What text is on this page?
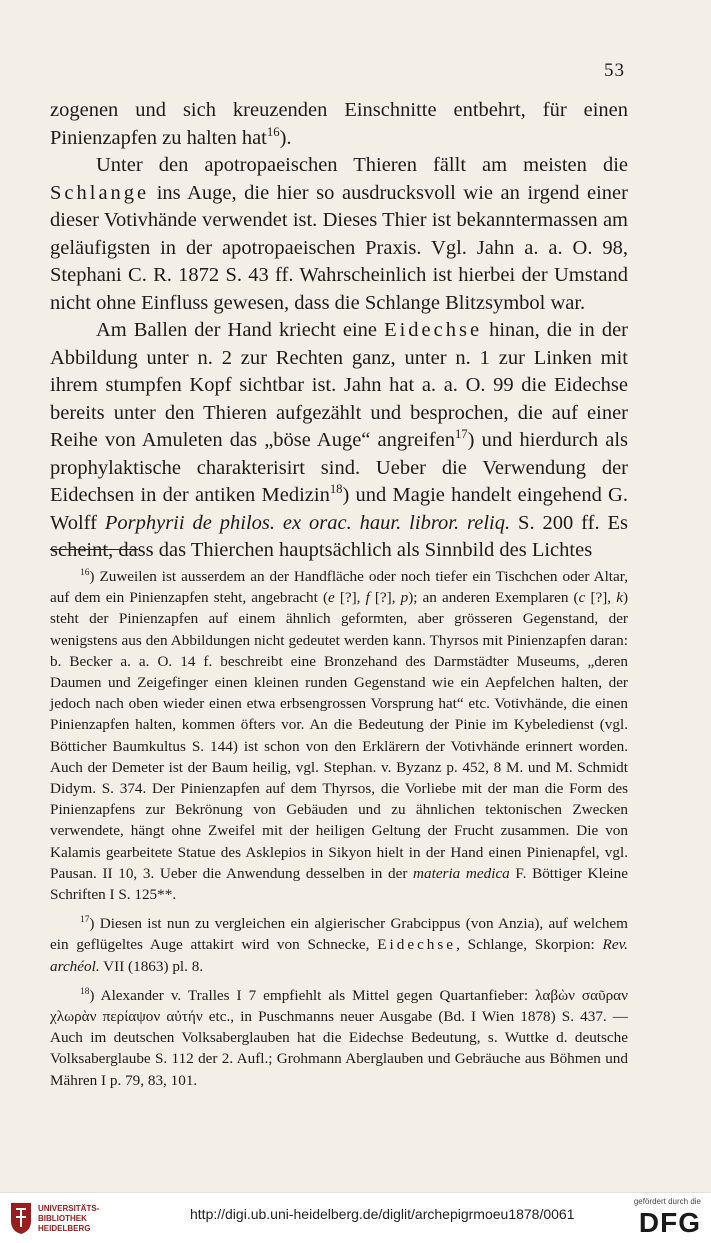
53

zogenen und sich kreuzenden Einschnitte entbehrt, für einen Pinienzapfen zu halten hat$^{16}$).

Unter den apotropaeischen Thieren fällt am meisten die Schlange ins Auge, die hier so ausdrucksvoll wie an irgend einer dieser Votivhände verwendet ist. Dieses Thier ist bekanntermassen am geläufigsten in der apotropaeischen Praxis. Vgl. Jahn a. a. O. 98, Stephani C. R. 1872 S. 43 ff. Wahrscheinlich ist hierbei der Umstand nicht ohne Einfluss gewesen, dass die Schlange Blitzsymbol war.

Am Ballen der Hand kriecht eine Eidechse hinan, die in der Abbildung unter n. 2 zur Rechten ganz, unter n. 1 zur Linken mit ihrem stumpfen Kopf sichtbar ist. Jahn hat a. a. O. 99 die Eidechse bereits unter den Thieren aufgezählt und besprochen, die auf einer Reihe von Amuleten das „böse Auge“ angreifen$^{17}$) und hierdurch als prophylaktische charakterisirt sind. Ueber die Verwendung der Eidechsen in der antiken Medizin$^{18}$) und Magie handelt eingehend G. Wolff Porphyrii de philos. ex orac. haur. libror. reliq. S. 200 ff. Es scheint, dass das Thierchen hauptsächlich als Sinnbild des Lichtes

$^{16}$) Zuweilen ist ausserdem an der Handfläche oder noch tiefer ein Tischchen oder Altar, auf dem ein Pinienzapfen steht, angebracht (e [?], f [?], p); an anderen Exemplaren (c [?], k) steht der Pinienzapfen auf einem ähnlich geformten, aber grösseren Gegenstand, der wenigstens aus den Abbildungen nicht gedeutet werden kann. Thyrsos mit Pinienzapfen daran: b. Becker a. a. O. 14 f. beschreibt eine Bronzehand des Darmstädter Museums, „deren Daumen und Zeigefinger einen kleinen runden Gegenstand wie ein Aepfelchen halten, der jedoch nach oben wieder einen etwa erbsengrossen Vorsprung hat“ etc. Votivhände, die einen Pinienzapfen halten, kommen öfters vor. An die Bedeutung der Pinie im Kybeledienst (vgl. Bötticher Baumkultus S. 144) ist schon von den Erklärern der Votivhände erinnert worden. Auch der Demeter ist der Baum heilig, vgl. Stephan. v. Byzanz p. 452, 8 M. und M. Schmidt Didym. S. 374. Der Pinienzapfen auf dem Thyrsos, die Vorliebe mit der man die Form des Pinienzapfens zur Bekrönung von Gebäuden und zu ähnlichen tektonischen Zwecken verwendete, hängt ohne Zweifel mit der heiligen Geltung der Frucht zusammen. Die von Kalamis gearbeitete Statue des Asklepios in Sikyon hielt in der Hand einen Pinienapfel, vgl. Pausan. II 10, 3. Ueber die Anwendung desselben in der materia medica F. Böttiger Kleine Schriften I S. 125**.

$^{17}$) Diesen ist nun zu vergleichen ein algierischer Grabcippus (von Anzia), auf welchem ein geflügeltes Auge attakirt wird von Schnecke, Eidechse, Schlange, Skorpion: Rev. archéol. VII (1863) pl. 8.

$^{18}$) Alexander v. Tralles I 7 empfiehlt als Mittel gegen Quartanfieber: λαβὼν σαῦραν χλωρὰν περίαψον αὐτήν etc., in Puschmanns neuer Ausgabe (Bd. I Wien 1878) S. 437. — Auch im deutschen Volksaberglauben hat die Eidechse Bedeutung, s. Wuttke d. deutsche Volksaberglaube S. 112 der 2. Aufl.; Grohmann Aberglauben und Gebräuche aus Böhmen und Mähren I p. 79, 83, 101.

UNIVERSITÄTS-
BIBLIOTHEK
HEIDELBERG
http://digi.ub.uni-heidelberg.de/diglit/archepigrmoeu1878/0061
gefördert durch die
DFG
